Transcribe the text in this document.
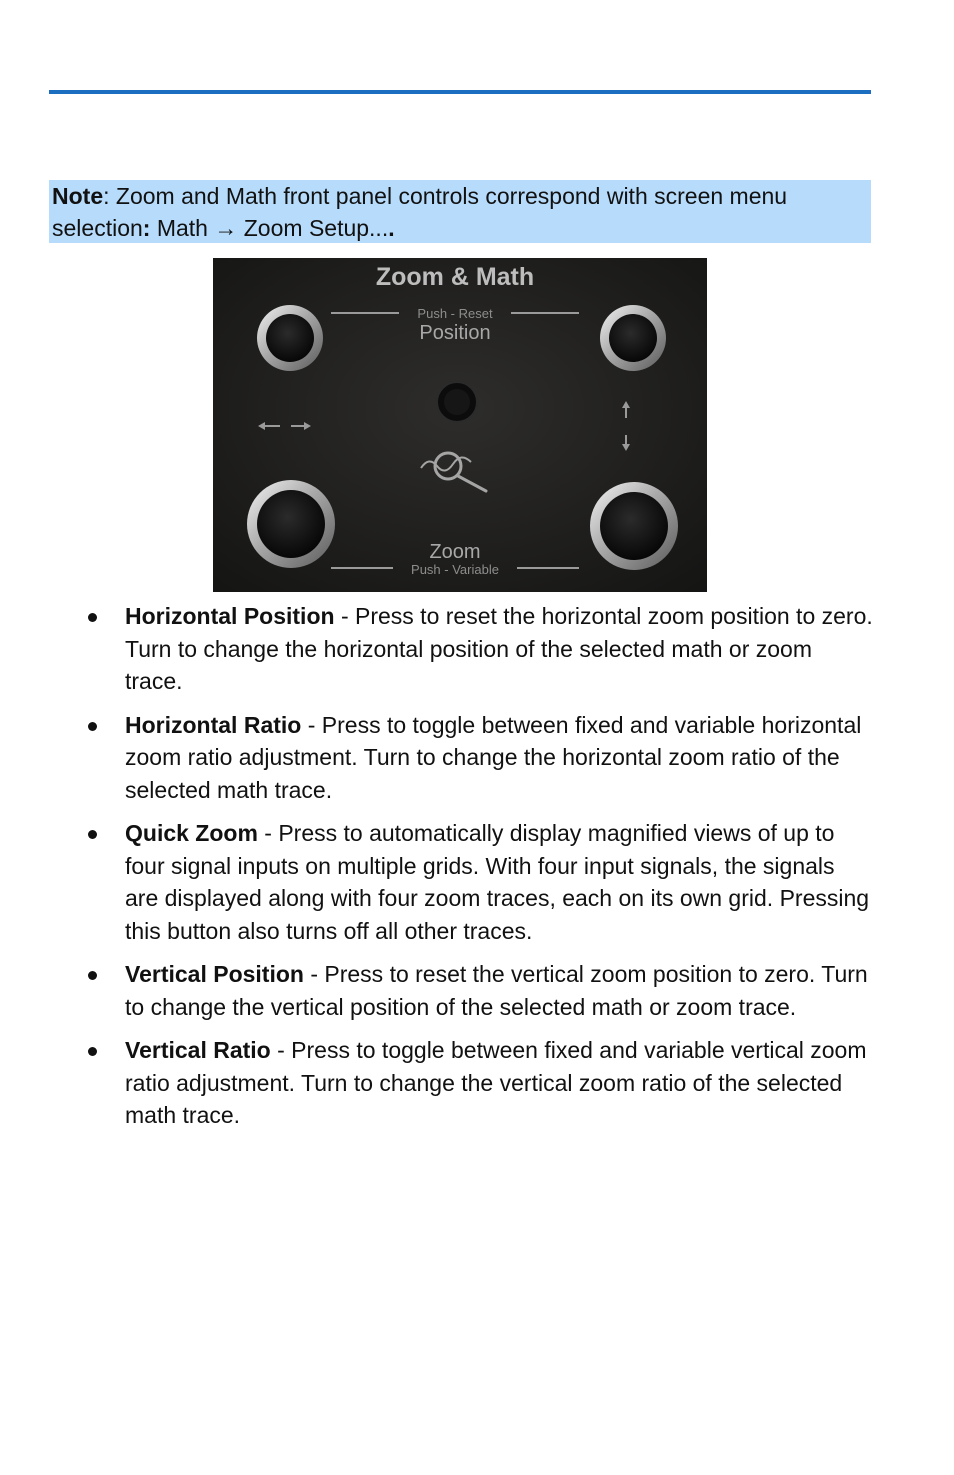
Note: Zoom and Math front panel controls correspond with screen menu
selection: Math → Zoom Setup....
Zoom & Math
Push - Reset
Position
Zoom
Push - Variable
Horizontal Position - Press to reset the horizontal zoom position to zero. Turn to change the horizontal position of the selected math or zoom trace.
Horizontal Ratio - Press to toggle between fixed and variable horizontal zoom ratio adjustment. Turn to change the horizontal zoom ratio of the selected math trace.
Quick Zoom - Press to automatically display magnified views of up to four signal inputs on multiple grids. With four input signals, the signals are displayed along with four zoom traces, each on its own grid. Pressing this button also turns off all other traces.
Vertical Position - Press to reset the vertical zoom position to zero. Turn to change the vertical position of the selected math or zoom trace.
Vertical Ratio - Press to toggle between fixed and variable vertical zoom ratio adjustment. Turn to change the vertical zoom ratio of the selected math trace.
